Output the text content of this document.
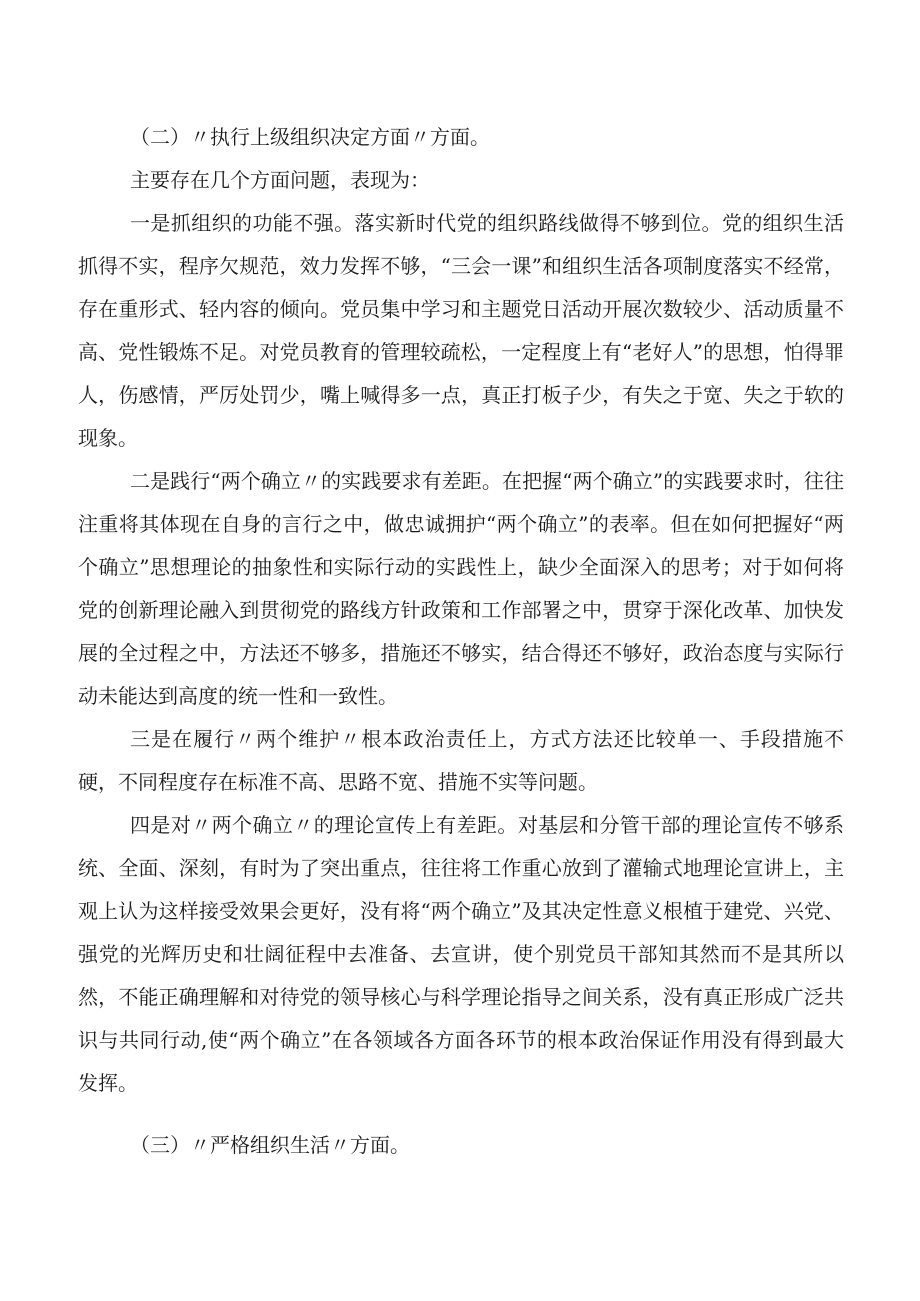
（二）〃执行上级组织决定方面〃方面。

主要存在几个方面问题，表现为：

一是抓组织的功能不强。落实新时代党的组织路线做得不够到位。党的组织生活抓得不实，程序欠规范，效力发挥不够，“三会一课”和组织生活各项制度落实不经常，存在重形式、轻内容的倾向。党员集中学习和主题党日活动开展次数较少、活动质量不高、党性锻炼不足。对党员教育的管理较疏松，一定程度上有“老好人”的思想，怕得罪人，伤感情，严厉处罚少，嘴上喊得多一点，真正打板子少，有失之于宽、失之于软的现象。

二是践行“两个确立〃的实践要求有差距。在把握“两个确立”的实践要求时，往往注重将其体现在自身的言行之中，做忠诚拥护“两个确立”的表率。但在如何把握好“两个确立”思想理论的抽象性和实际行动的实践性上，缺少全面深入的思考；对于如何将党的创新理论融入到贯彻党的路线方针政策和工作部署之中，贯穿于深化改革、加快发展的全过程之中，方法还不够多，措施还不够实，结合得还不够好，政治态度与实际行动未能达到高度的统一性和一致性。

三是在履行〃两个维护〃根本政治责任上，方式方法还比较单一、手段措施不硬，不同程度存在标准不高、思路不宽、措施不实等问题。

四是对〃两个确立〃的理论宣传上有差距。对基层和分管干部的理论宣传不够系统、全面、深刻，有时为了突出重点，往往将工作重心放到了灌输式地理论宣讲上，主观上认为这样接受效果会更好，没有将“两个确立”及其决定性意义根植于建党、兴党、强党的光辉历史和壮阔征程中去准备、去宣讲，使个别党员干部知其然而不是其所以然，不能正确理解和对待党的领导核心与科学理论指导之间关系，没有真正形成广泛共识与共同行动,使“两个确立”在各领域各方面各环节的根本政治保证作用没有得到最大发挥。

（三）〃严格组织生活〃方面。
